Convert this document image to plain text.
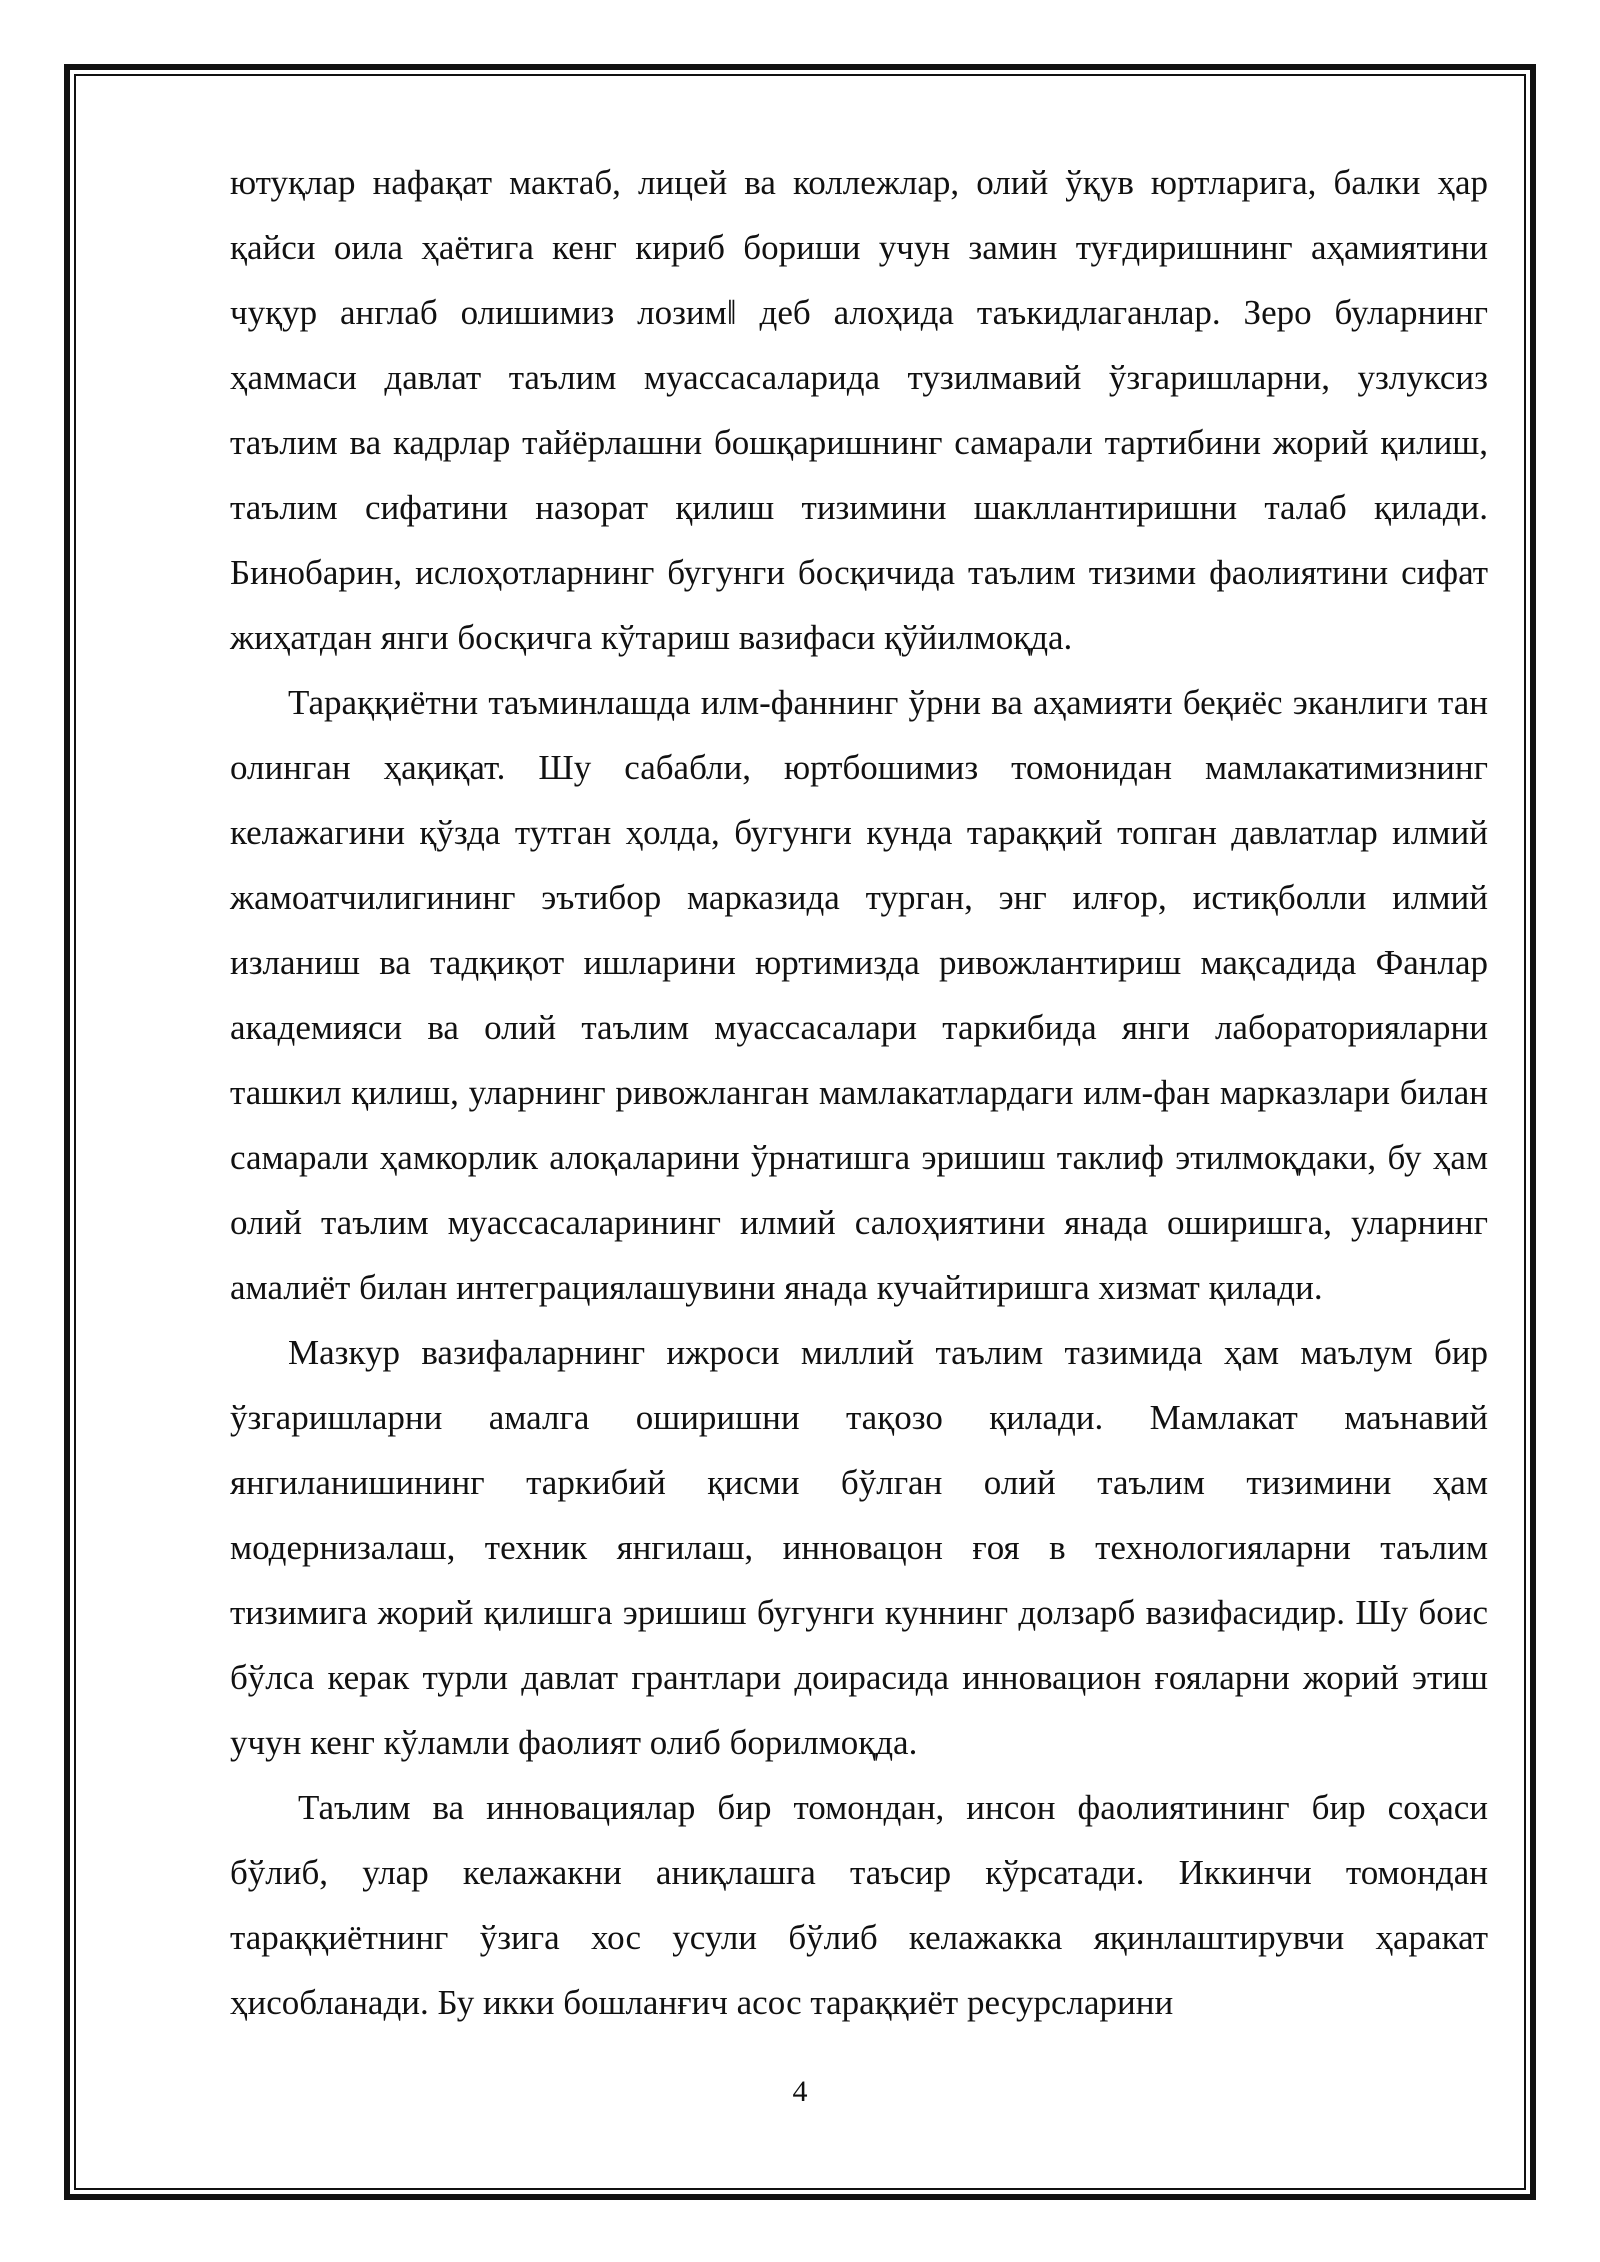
ютуқлар нафақат мактаб, лицей ва коллежлар, олий ўқув юртларига, балки ҳар қайси оила ҳаётига кенг кириб бориши учун замин туғдиришнинг аҳамиятини чуқур англаб олишимиз лозим‖ деб алоҳида таъкидлаганлар. Зеро буларнинг ҳаммаси давлат таълим муассасаларида тузилмавий ўзгаришларни, узлуксиз таълим ва кадрлар тайёрлашни бошқаришнинг самарали тартибини жорий қилиш, таълим сифатини назорат қилиш тизимини шакллантиришни талаб қилади. Бинобарин, ислоҳотларнинг бугунги босқичида таълим тизими фаолиятини сифат жиҳатдан янги босқичга кўтариш вазифаси қўйилмоқда.

Тараққиётни таъминлашда илм-фаннинг ўрни ва аҳамияти беқиёс эканлиги тан олинган ҳақиқат. Шу сабабли, юртбошимиз томонидан мамлакатимизнинг келажагини қўзда тутган ҳолда, бугунги кунда тараққий топган давлатлар илмий жамоатчилигининг эътибор марказида турган, энг илғор, истиқболли илмий изланиш ва тадқиқот ишларини юртимизда ривожлантириш мақсадида Фанлар академияси ва олий таълим муассасалари таркибида янги лабораторияларни ташкил қилиш, уларнинг ривожланган мамлакатлардаги илм-фан марказлари билан самарали ҳамкорлик алоқаларини ўрнатишга эришиш таклиф этилмоқдаки, бу ҳам олий таълим муассасаларининг илмий салоҳиятини янада оширишга, уларнинг амалиёт билан интеграциялашувини янада кучайтиришга хизмат қилади.

Мазкур вазифаларнинг ижроси миллий таълим тазимида ҳам маълум бир ўзгаришларни амалга оширишни тақозо қилади. Мамлакат маънавий янгиланишининг таркибий қисми бўлган олий таълим тизимини ҳам модернизалаш, техник янгилаш, инновацон ғоя в технологияларни таълим тизимига жорий қилишга эришиш бугунги куннинг долзарб вазифасидир. Шу боис бўлса керак турли давлат грантлари доирасида инновацион ғояларни жорий этиш учун кенг кўламли фаолият олиб борилмоқда.

Таълим ва инновациялар бир томондан, инсон фаолиятининг бир соҳаси бўлиб, улар келажакни аниқлашга таъсир кўрсатади. Иккинчи томондан тараққиётнинг ўзига хос усули бўлиб келажакка яқинлаштирувчи ҳаракат ҳисобланади. Бу икки бошланғич асос тараққиёт ресурсларини

4
